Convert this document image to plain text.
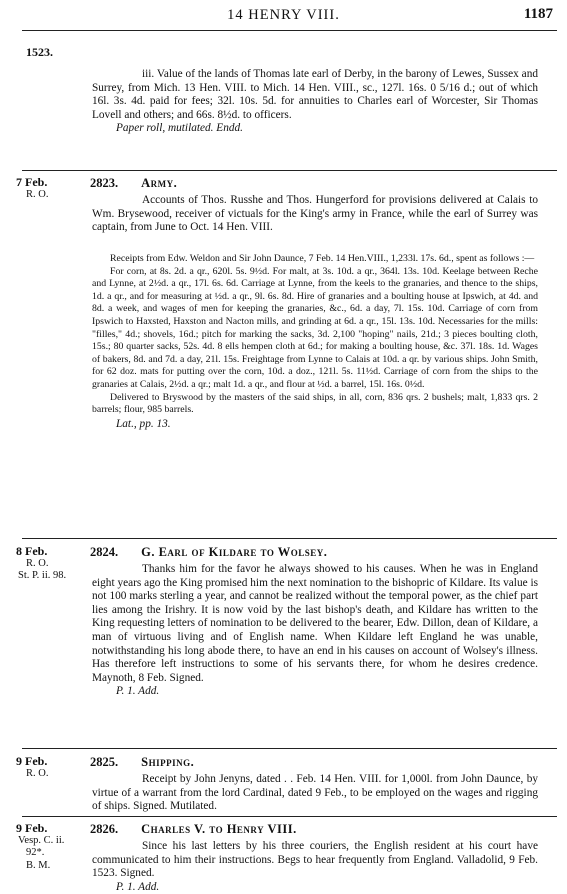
14 HENRY VIII.	1187
1523.

iii. Value of the lands of Thomas late earl of Derby, in the barony of Lewes, Sussex and Surrey, from Mich. 13 Hen. VIII. to Mich. 14 Hen. VIII., sc., 127l. 16s. 0 5/16 d.; out of which 16l. 3s. 4d. paid for fees; 32l. 10s. 5d. for annuities to Charles earl of Worcester, Sir Thomas Lovell and others; and 66s. 8½d. to officers.

Paper roll, mutilated. Endd.

7 Feb.
R. O.
2823. Army.

Accounts of Thos. Russhe and Thos. Hungerford for provisions delivered at Calais to Wm. Brysewood, receiver of victuals for the King's army in France, while the earl of Surrey was captain, from June to Oct. 14 Hen. VIII.

Receipts from Edw. Weldon and Sir John Daunce, 7 Feb. 14 Hen.VIII., 1,233l. 17s. 6d., spent as follows :—

For corn, at 8s. 2d. a qr., 620l. 5s. 9½d. For malt, at 3s. 10d. a qr., 364l. 13s. 10d. Keelage between Reche and Lynne, at 2½d. a qr., 17l. 6s. 6d. Carriage at Lynne, from the keels to the granaries, and thence to the ships, 1d. a qr., and for measuring at ½d. a qr., 9l. 6s. 8d. Hire of granaries and a boulting house at Ipswich, at 4d. and 8d. a week, and wages of men for keeping the granaries, &c., 6d. a day, 7l. 15s. 10d. Carriage of corn from Ipswich to Haxsted, Haxston and Nacton mills, and grinding at 6d. a qr., 15l. 13s. 10d. Necessaries for the mills: "filles," 4d.; shovels, 16d.; pitch for marking the sacks, 3d. 2,100 "hoping" nails, 21d.; 3 pieces boulting cloth, 15s.; 80 quarter sacks, 52s. 4d. 8 ells hempen cloth at 6d.; for making a boulting house, &c. 37l. 18s. 1d. Wages of bakers, 8d. and 7d. a day, 21l. 15s. Freightage from Lynne to Calais at 10d. a qr. by various ships. John Smith, for 62 doz. mats for putting over the corn, 10d. a doz., 121l. 5s. 11½d. Carriage of corn from the ships to the granaries at Calais, 2½d. a qr.; malt 1d. a qr., and flour at ½d. a barrel, 15l. 16s. 0½d.

Delivered to Bryswood by the masters of the said ships, in all, corn, 836 qrs. 2 bushels; malt, 1,833 qrs. 2 barrels; flour, 985 barrels.

Lat., pp. 13.

8 Feb.
R. O.
St. P. ii. 98.
2824. G. Earl of Kildare to Wolsey.

Thanks him for the favor he always showed to his causes. When he was in England eight years ago the King promised him the next nomination to the bishopric of Kildare. Its value is not 100 marks sterling a year, and cannot be realized without the temporal power, as the chief part lies among the Irishry. It is now void by the last bishop's death, and Kildare has written to the King requesting letters of nomination to be delivered to the bearer, Edw. Dillon, dean of Kildare, a man of virtuous living and of English name. When Kildare left England he was unable, notwithstanding his long abode there, to have an end in his causes on account of Wolsey's illness. Has therefore left instructions to some of his servants there, for whom he desires credence. Maynoth, 8 Feb. Signed.

P. 1. Add.

9 Feb.
R. O.
2825. Shipping.

Receipt by John Jenyns, dated . . Feb. 14 Hen. VIII. for 1,000l. from John Daunce, by virtue of a warrant from the lord Cardinal, dated 9 Feb., to be employed on the wages and rigging of ships. Signed. Mutilated.

9 Feb.
Vesp. C. ii.
92*.
B. M.
2826. Charles V. to Henry VIII.

Since his last letters by his three couriers, the English resident at his court have communicated to him their instructions. Begs to hear frequently from England. Valladolid, 9 Feb. 1523. Signed.

P. 1. Add.
